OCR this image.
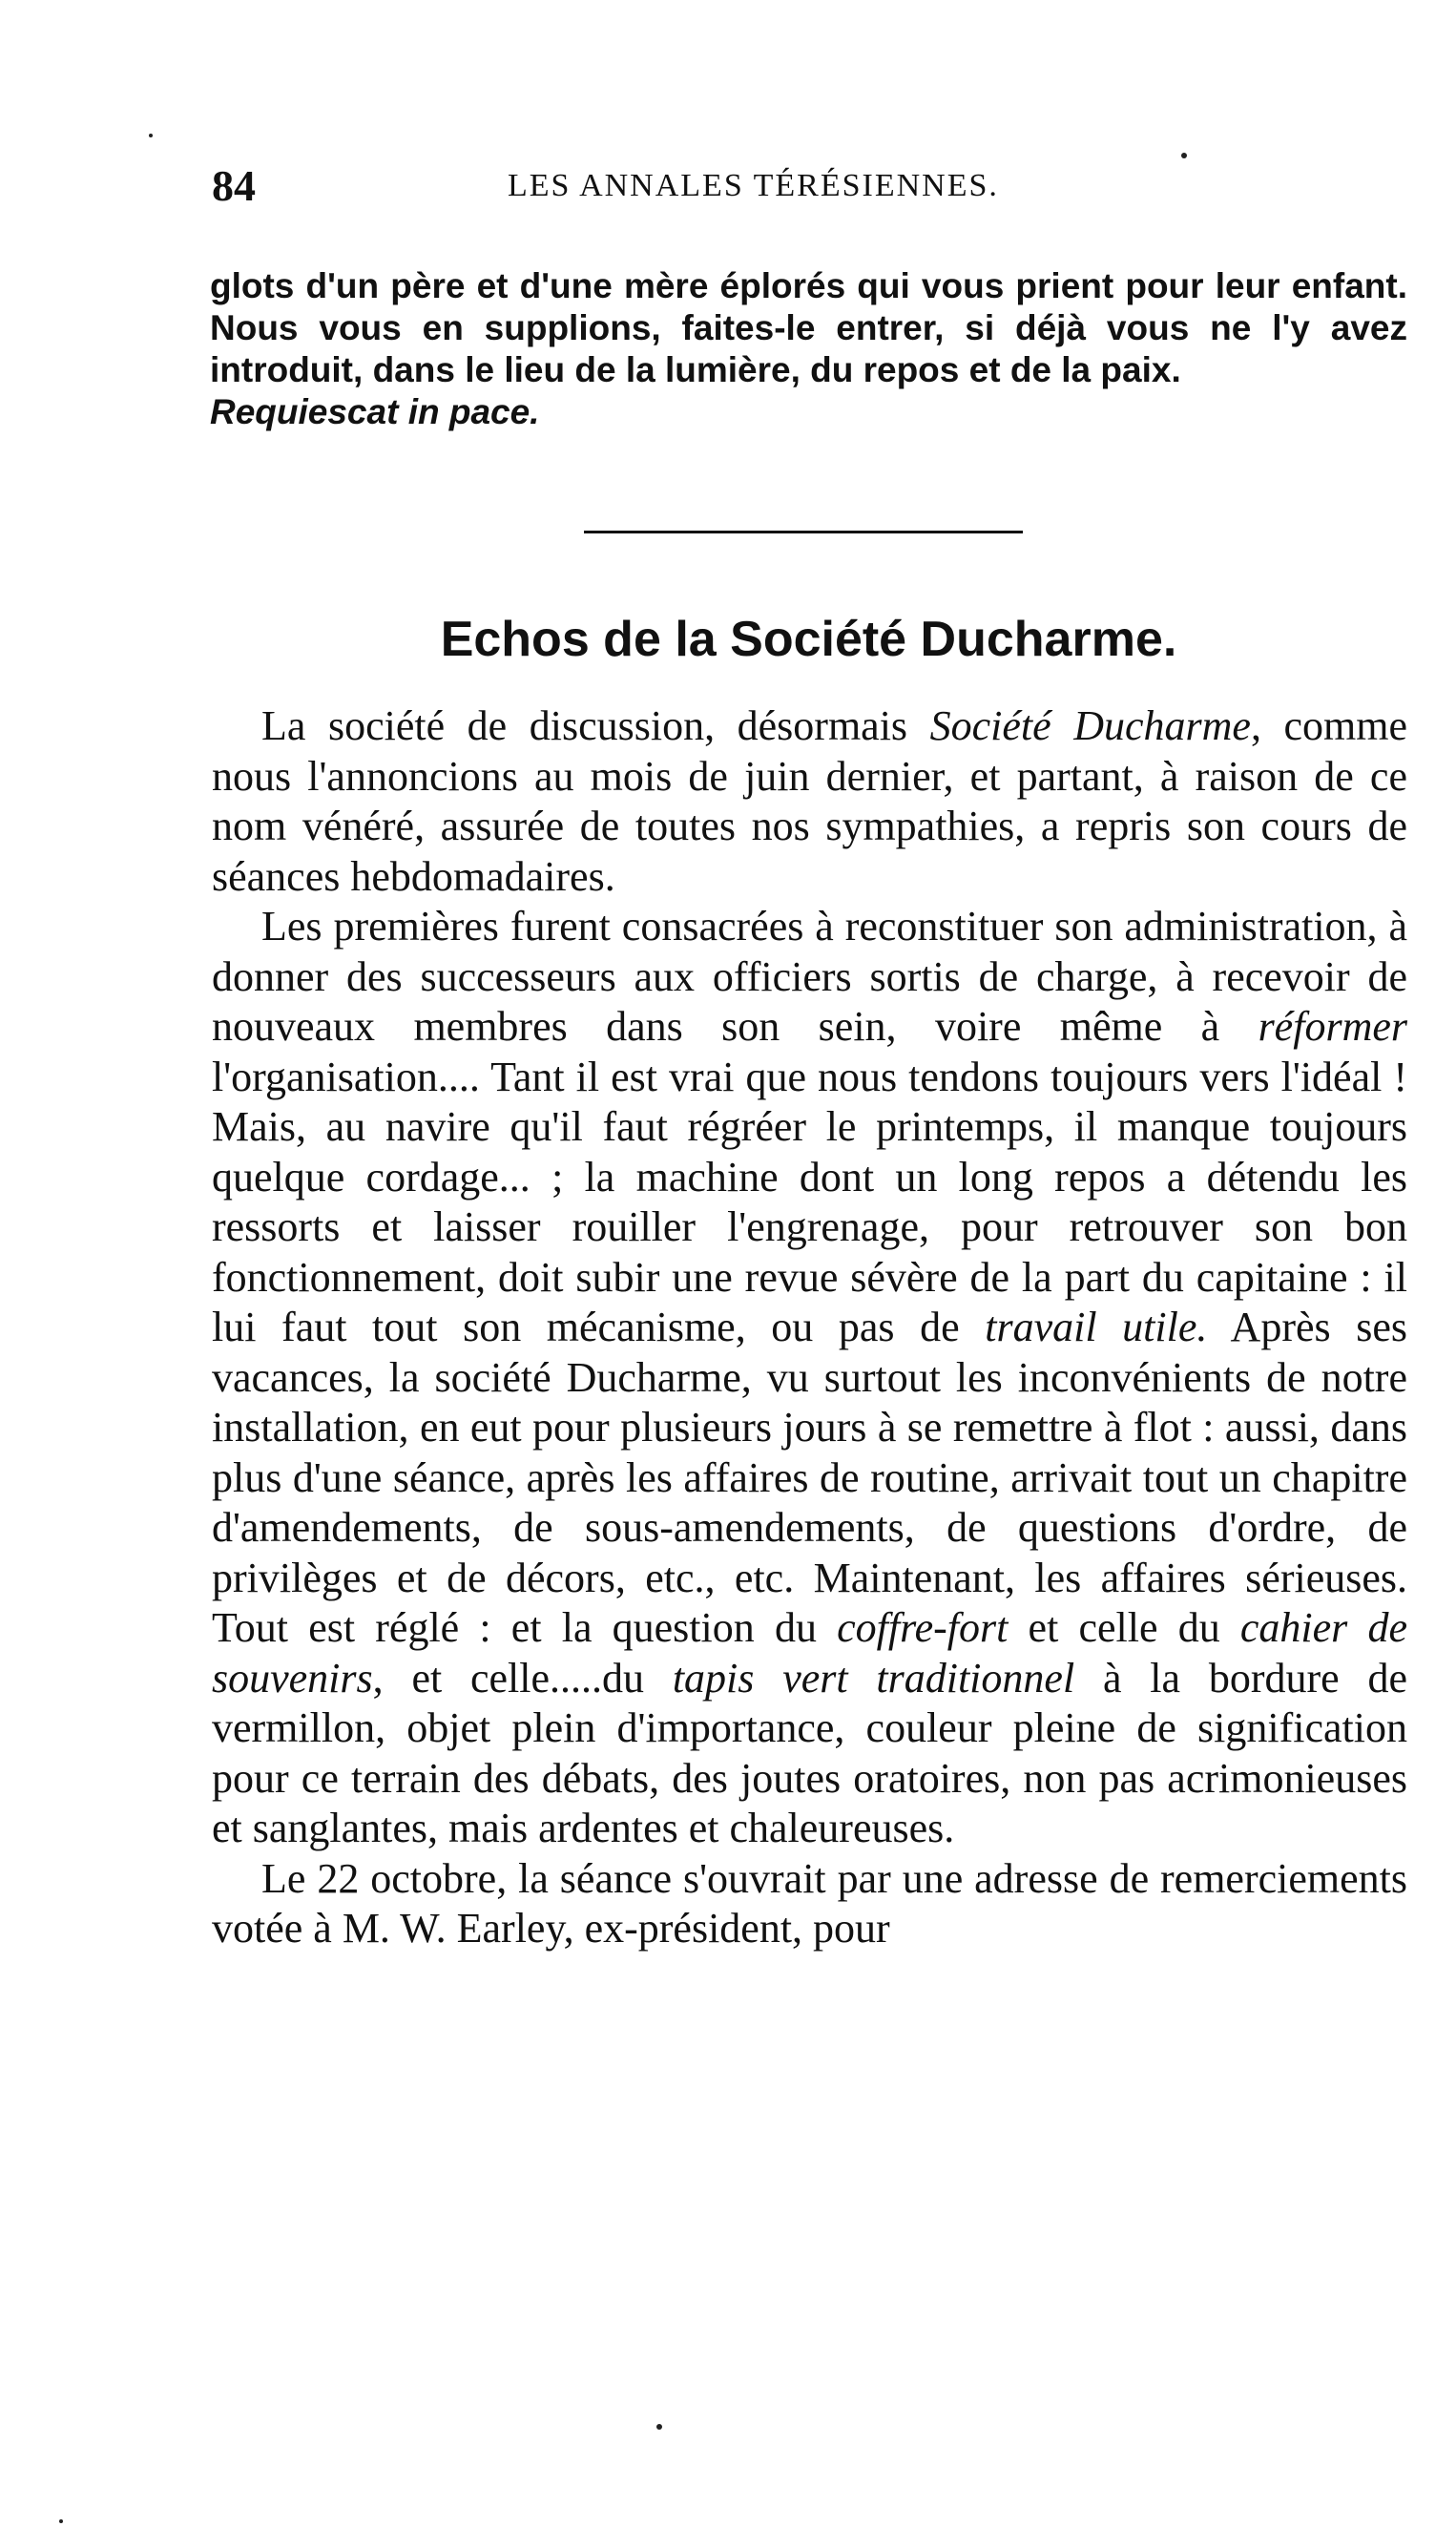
84	LES ANNALES TÉRÉSIENNES.
glots d'un père et d'une mère éplorés qui vous prient pour leur enfant. Nous vous en supplions, faites-le entrer, si déjà vous ne l'y avez introduit, dans le lieu de la lumière, du repos et de la paix.
Requiescat in pace.
Echos de la Société Ducharme.

La société de discussion, désormais Société Ducharme, comme nous l'annoncions au mois de juin dernier, et partant, à raison de ce nom vénéré, assurée de toutes nos sympathies, a repris son cours de séances hebdomadaires.

Les premières furent consacrées à reconstituer son administration, à donner des successeurs aux officiers sortis de charge, à recevoir de nouveaux membres dans son sein, voire même à réformer l'organisation.... Tant il est vrai que nous tendons toujours vers l'idéal ! Mais, au navire qu'il faut régréer le printemps, il manque toujours quelque cordage... ; la machine dont un long repos a détendu les ressorts et laisser rouiller l'engrenage, pour retrouver son bon fonctionnement, doit subir une revue sévère de la part du capitaine : il lui faut tout son mécanisme, ou pas de travail utile. Après ses vacances, la société Ducharme, vu surtout les inconvénients de notre installation, en eut pour plusieurs jours à se remettre à flot : aussi, dans plus d'une séance, après les affaires de routine, arrivait tout un chapitre d'amendements, de sous-amendements, de questions d'ordre, de privilèges et de décors, etc., etc. Maintenant, les affaires sérieuses. Tout est réglé : et la question du coffre-fort et celle du cahier de souvenirs, et celle.....du tapis vert traditionnel à la bordure de vermillon, objet plein d'importance, couleur pleine de signification pour ce terrain des débats, des joutes oratoires, non pas acrimonieuses et sanglantes, mais ardentes et chaleureuses.

Le 22 octobre, la séance s'ouvrait par une adresse de remerciements votée à M. W. Earley, ex-président, pour
